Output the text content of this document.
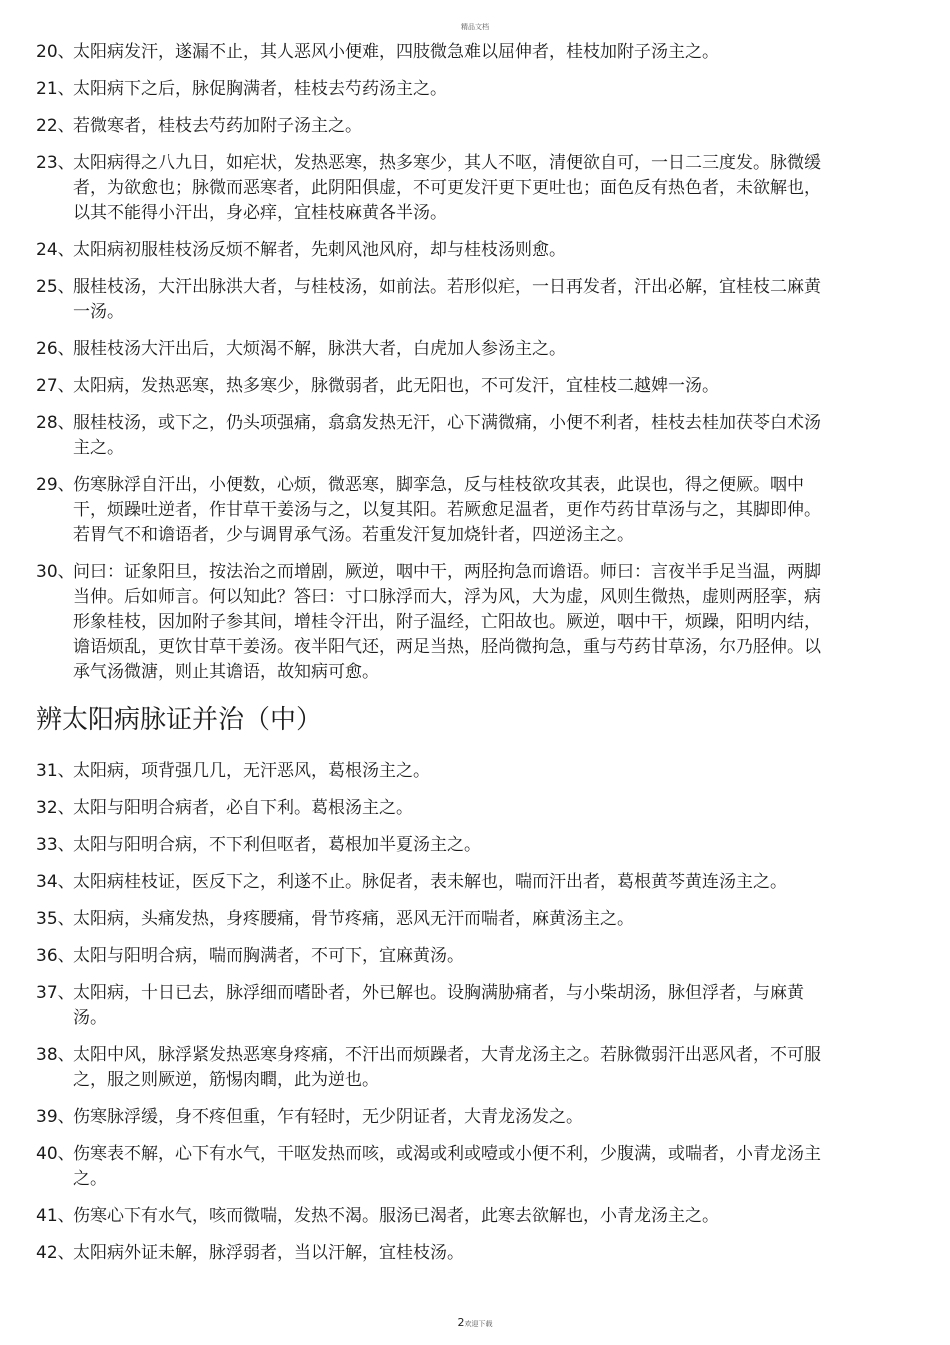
精品文档
20、
太阳病发汗，遂漏不止，其人恶风小便难，四肢微急难以屈伸者，桂枝加附子汤主之。
21、
太阳病下之后，脉促胸满者，桂枝去芍药汤主之。
22、
若微寒者，桂枝去芍药加附子汤主之。
23、
太阳病得之八九日，如疟状，发热恶寒，热多寒少，其人不呕，清便欲自可，一日二三度发。脉微缓者，为欲愈也；脉微而恶寒者，此阴阳俱虚，不可更发汗更下更吐也；面色反有热色者，未欲解也，以其不能得小汗出，身必痒，宜桂枝麻黄各半汤。
24、
太阳病初服桂枝汤反烦不解者，先刺风池风府，却与桂枝汤则愈。
25、
服桂枝汤，大汗出脉洪大者，与桂枝汤，如前法。若形似疟，一日再发者，汗出必解，宜桂枝二麻黄一汤。
26、
服桂枝汤大汗出后，大烦渴不解，脉洪大者，白虎加人参汤主之。
27、
太阳病，发热恶寒，热多寒少，脉微弱者，此无阳也，不可发汗，宜桂枝二越婢一汤。
28、
服桂枝汤，或下之，仍头项强痛，翕翕发热无汗，心下满微痛，小便不利者，桂枝去桂加茯苓白术汤主之。
29、
伤寒脉浮自汗出，小便数，心烦，微恶寒，脚挛急，反与桂枝欲攻其表，此误也，得之便厥。咽中干，烦躁吐逆者，作甘草干姜汤与之，以复其阳。若厥愈足温者，更作芍药甘草汤与之，其脚即伸。若胃气不和谵语者，少与调胃承气汤。若重发汗复加烧针者，四逆汤主之。
30、
问曰：证象阳旦，按法治之而增剧，厥逆，咽中干，两胫拘急而谵语。师曰：言夜半手足当温，两脚当伸。后如师言。何以知此？答曰：寸口脉浮而大，浮为风，大为虚，风则生微热，虚则两胫挛，病形象桂枝，因加附子参其间，增桂令汗出，附子温经，亡阳故也。厥逆，咽中干，烦躁，阳明内结，谵语烦乱，更饮甘草干姜汤。夜半阳气还，两足当热，胫尚微拘急，重与芍药甘草汤，尔乃胫伸。以承气汤微溏，则止其谵语，故知病可愈。
辨太阳病脉证并治（中）
31、
太阳病，项背强几几，无汗恶风，葛根汤主之。
32、
太阳与阳明合病者，必自下利。葛根汤主之。
33、
太阳与阳明合病，不下利但呕者，葛根加半夏汤主之。
34、
太阳病桂枝证，医反下之，利遂不止。脉促者，表未解也，喘而汗出者，葛根黄芩黄连汤主之。
35、
太阳病，头痛发热，身疼腰痛，骨节疼痛，恶风无汗而喘者，麻黄汤主之。
36、
太阳与阳明合病，喘而胸满者，不可下，宜麻黄汤。
37、
太阳病，十日已去，脉浮细而嗜卧者，外已解也。设胸满胁痛者，与小柴胡汤，脉但浮者，与麻黄汤。
38、
太阳中风，脉浮紧发热恶寒身疼痛，不汗出而烦躁者，大青龙汤主之。若脉微弱汗出恶风者，不可服之，服之则厥逆，筋惕肉瞤，此为逆也。
39、
伤寒脉浮缓，身不疼但重，乍有轻时，无少阴证者，大青龙汤发之。
40、
伤寒表不解，心下有水气，干呕发热而咳，或渴或利或噎或小便不利，少腹满，或喘者，小青龙汤主之。
41、
伤寒心下有水气，咳而微喘，发热不渴。服汤已渴者，此寒去欲解也，小青龙汤主之。
42、
太阳病外证未解，脉浮弱者，当以汗解，宜桂枝汤。
2欢迎下载
